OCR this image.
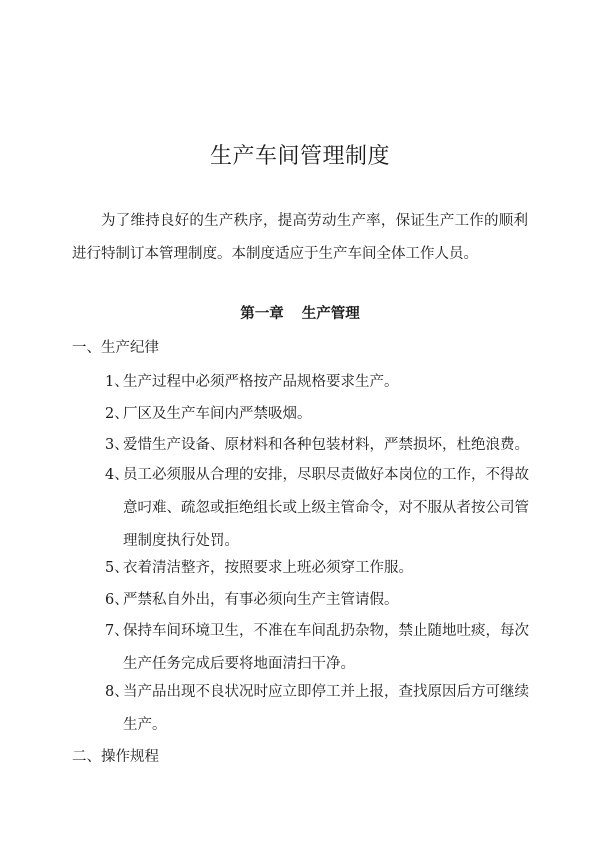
生产车间管理制度
为了维持良好的生产秩序，提高劳动生产率，保证生产工作的顺利进行特制订本管理制度。本制度适应于生产车间全体工作人员。
第一章 生产管理
一、生产纪律
1、
生产过程中必须严格按产品规格要求生产。
2、
厂区及生产车间内严禁吸烟。
3、
爱惜生产设备、原材料和各种包装材料，严禁损坏，杜绝浪费。
4、
员工必须服从合理的安排，尽职尽责做好本岗位的工作，不得故意叼难、疏忽或拒绝组长或上级主管命令，对不服从者按公司管理制度执行处罚。
5、
衣着清洁整齐，按照要求上班必须穿工作服。
6、
严禁私自外出，有事必须向生产主管请假。
7、
保持车间环境卫生，不准在车间乱扔杂物，禁止随地吐痰，每次生产任务完成后要将地面清扫干净。
8、
当产品出现不良状况时应立即停工并上报，查找原因后方可继续生产。
二、操作规程
